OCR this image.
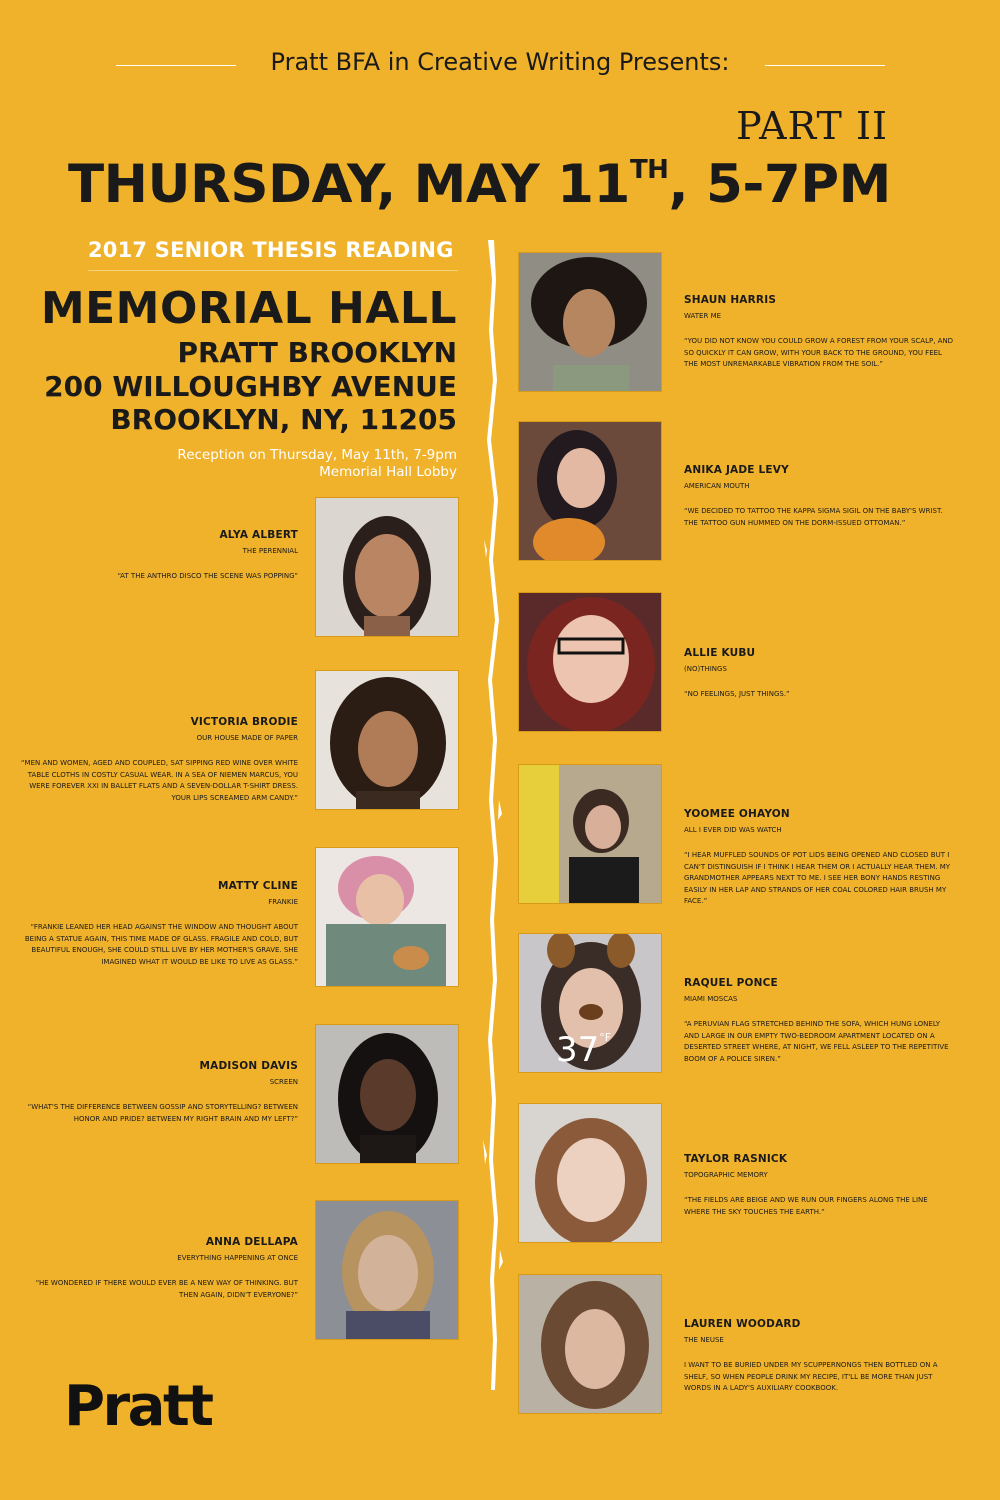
Pratt BFA in Creative Writing Presents:
PART II
THURSDAY, MAY 11TH, 5-7PM
2017 SENIOR THESIS READING
MEMORIAL HALL
PRATT BROOKLYN
200 WILLOUGHBY AVENUE
BROOKLYN, NY, 11205
Reception on Thursday, May 11th, 7-9pm
Memorial Hall Lobby
ALYA ALBERT
THE PERENNIAL
“AT THE ANTHRO DISCO THE SCENE WAS POPPING”
VICTORIA BRODIE
OUR HOUSE MADE OF PAPER
“MEN AND WOMEN, AGED AND COUPLED, SAT SIPPING RED WINE OVER WHITE TABLE CLOTHS IN COSTLY CASUAL WEAR. IN A SEA OF NIEMEN MARCUS, YOU WERE FOREVER XXI IN BALLET FLATS AND A SEVEN-DOLLAR T-SHIRT DRESS. YOUR LIPS SCREAMED ARM CANDY.”
MATTY CLINE
FRANKIE
“FRANKIE LEANED HER HEAD AGAINST THE WINDOW AND THOUGHT ABOUT BEING A STATUE AGAIN, THIS TIME MADE OF GLASS. FRAGILE AND COLD, BUT BEAUTIFUL ENOUGH, SHE COULD STILL LIVE BY HER MOTHER'S GRAVE. SHE IMAGINED WHAT IT WOULD BE LIKE TO LIVE AS GLASS.”
MADISON DAVIS
SCREEN
“WHAT'S THE DIFFERENCE BETWEEN GOSSIP AND STORYTELLING? BETWEEN HONOR AND PRIDE? BETWEEN MY RIGHT BRAIN AND MY LEFT?”
ANNA DELLAPA
EVERYTHING HAPPENING AT ONCE
“HE WONDERED IF THERE WOULD EVER BE A NEW WAY OF THINKING. BUT THEN AGAIN, DIDN'T EVERYONE?”
$37^{^\circ F}$
SHAUN HARRIS
WATER ME
“YOU DID NOT KNOW YOU COULD GROW A FOREST FROM YOUR SCALP, AND SO QUICKLY IT CAN GROW, WITH YOUR BACK TO THE GROUND, YOU FEEL THE MOST UNREMARKABLE VIBRATION FROM THE SOIL.”
ANIKA JADE LEVY
AMERICAN MOUTH
“WE DECIDED TO TATTOO THE KAPPA SIGMA SIGIL ON THE BABY'S WRIST. THE TATTOO GUN HUMMED ON THE DORM-ISSUED OTTOMAN.”
ALLIE KUBU
(NO)THINGS
“NO FEELINGS, JUST THINGS.”
YOOMEE OHAYON
ALL I EVER DID WAS WATCH
“I HEAR MUFFLED SOUNDS OF POT LIDS BEING OPENED AND CLOSED BUT I CAN'T DISTINGUISH IF I THINK I HEAR THEM OR I ACTUALLY HEAR THEM. MY GRANDMOTHER APPEARS NEXT TO ME. I SEE HER BONY HANDS RESTING EASILY IN HER LAP AND STRANDS OF HER COAL COLORED HAIR BRUSH MY FACE.”
RAQUEL PONCE
MIAMI MOSCAS
“A PERUVIAN FLAG STRETCHED BEHIND THE SOFA, WHICH HUNG LONELY AND LARGE IN OUR EMPTY TWO-BEDROOM APARTMENT LOCATED ON A DESERTED STREET WHERE, AT NIGHT, WE FELL ASLEEP TO THE REPETITIVE BOOM OF A POLICE SIREN.”
TAYLOR RASNICK
TOPOGRAPHIC MEMORY
“THE FIELDS ARE BEIGE AND WE RUN OUR FINGERS ALONG THE LINE WHERE THE SKY TOUCHES THE EARTH.”
LAUREN WOODARD
THE NEUSE
I WANT TO BE BURIED UNDER MY SCUPPERNONGS THEN BOTTLED ON A SHELF, SO WHEN PEOPLE DRINK MY RECIPE, IT'LL BE MORE THAN JUST WORDS IN A LADY'S AUXILIARY COOKBOOK.
Pratt
